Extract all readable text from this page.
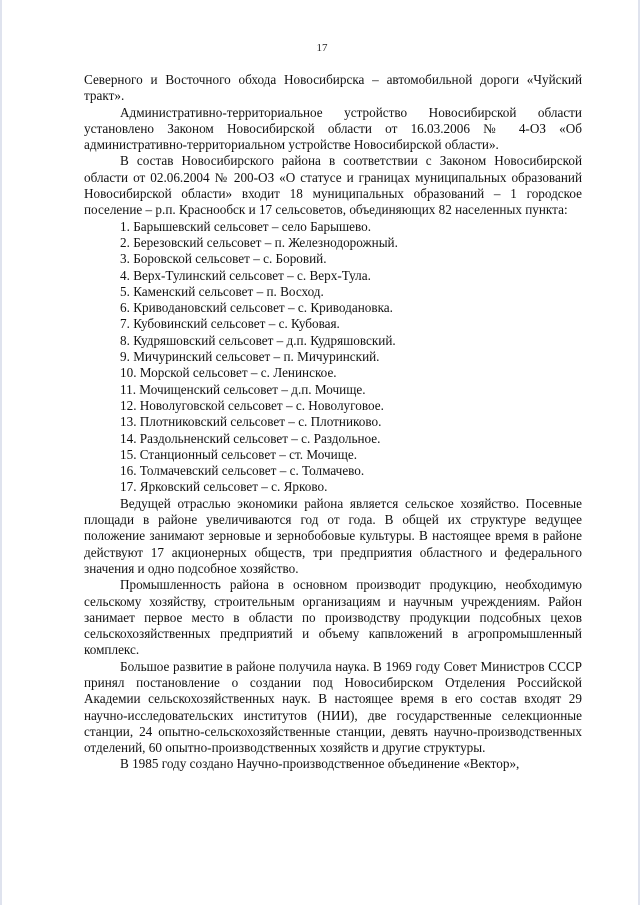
17

Северного и Восточного обхода Новосибирска – автомобильной дороги «Чуйский тракт».

Административно-территориальное устройство Новосибирской области установлено Законом Новосибирской области от 16.03.2006 № 4-ОЗ «Об административно-территориальном устройстве Новосибирской области».

В состав Новосибирского района в соответствии с Законом Новосибирской области от 02.06.2004 № 200-ОЗ «О статусе и границах муниципальных образований Новосибирской области» входит 18 муниципальных образований – 1 городское поселение – р.п. Краснообск и 17 сельсоветов, объединяющих 82 населенных пункта:

1. Барышевский сельсовет – село Барышево.
2. Березовский сельсовет – п. Железнодорожный.
3. Боровской сельсовет – с. Боровий.
4. Верх-Тулинский сельсовет – с. Верх-Тула.
5. Каменский сельсовет – п. Восход.
6. Криводановский сельсовет – с. Криводановка.
7. Кубовинский сельсовет – с. Кубовая.
8. Кудряшовский сельсовет – д.п. Кудряшовский.
9. Мичуринский сельсовет – п. Мичуринский.
10. Морской сельсовет – с. Ленинское.
11. Мочищенский сельсовет – д.п. Мочище.
12. Новолуговской сельсовет – с. Новолуговое.
13. Плотниковский сельсовет – с. Плотниково.
14. Раздольненский сельсовет – с. Раздольное.
15. Станционный сельсовет – ст. Мочище.
16. Толмачевский сельсовет – с. Толмачево.
17. Ярковский сельсовет – с. Ярково.

Ведущей отраслью экономики района является сельское хозяйство. Посевные площади в районе увеличиваются год от года. В общей их структуре ведущее положение занимают зерновые и зернобобовые культуры. В настоящее время в районе действуют 17 акционерных обществ, три предприятия областного и федерального значения и одно подсобное хозяйство.

Промышленность района в основном производит продукцию, необходимую сельскому хозяйству, строительным организациям и научным учреждениям. Район занимает первое место в области по производству продукции подсобных цехов сельскохозяйственных предприятий и объему капвложений в агропромышленный комплекс.

Большое развитие в районе получила наука. В 1969 году Совет Министров СССР принял постановление о создании под Новосибирском Отделения Российской Академии сельскохозяйственных наук. В настоящее время в его состав входят 29 научно-исследовательских институтов (НИИ), две государственные селекционные станции, 24 опытно-сельскохозяйственные станции, девять научно-производственных отделений, 60 опытно-производственных хозяйств и другие структуры.

В 1985 году создано Научно-производственное объединение «Вектор»,
